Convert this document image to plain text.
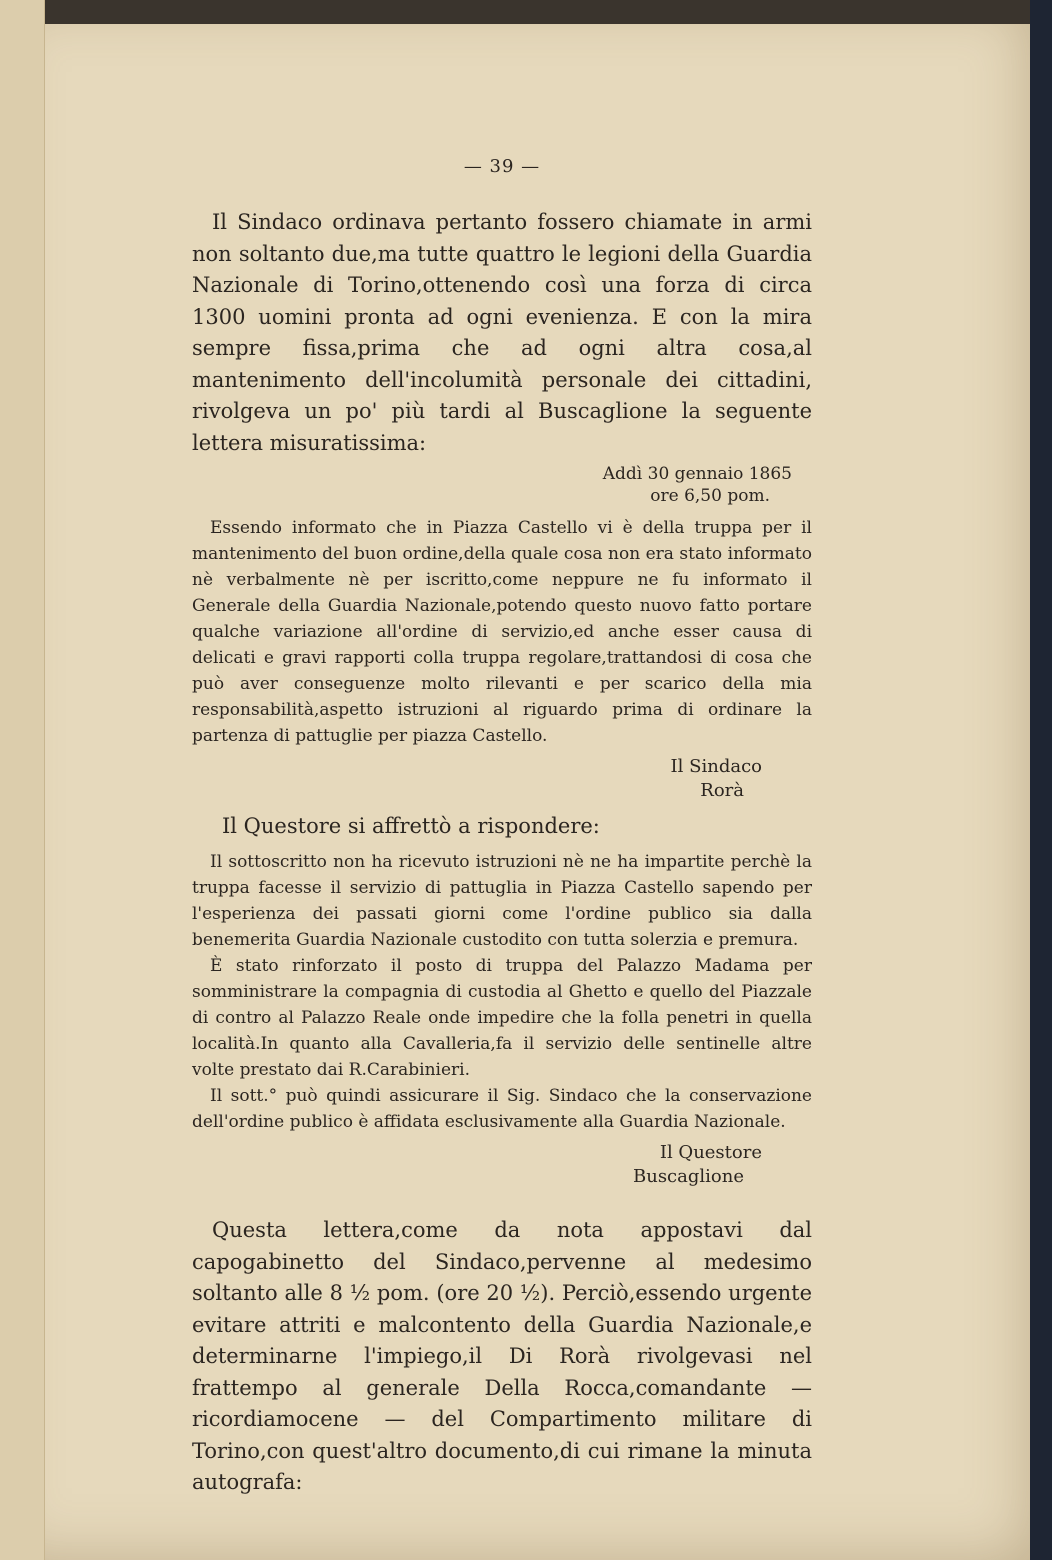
— 39 —

Il Sindaco ordinava pertanto fossero chiamate in armi non soltanto due,ma tutte quattro le legioni della Guardia Nazionale di Torino,ottenendo così una forza di circa 1300 uomini pronta ad ogni evenienza. E con la mira sempre fissa,prima che ad ogni altra cosa,al mantenimento dell'incolumità personale dei cittadini, rivolgeva un po' più tardi al Buscaglione la seguente lettera misuratissima:

Addì 30 gennaio 1865
ore 6,50 pom.

Essendo informato che in Piazza Castello vi è della truppa per il mantenimento del buon ordine,della quale cosa non era stato informato nè verbalmente nè per iscritto,come neppure ne fu informato il Generale della Guardia Nazionale,potendo questo nuovo fatto portare qualche variazione all'ordine di servizio,ed anche esser causa di delicati e gravi rapporti colla truppa regolare,trattandosi di cosa che può aver conseguenze molto rilevanti e per scarico della mia responsabilità,aspetto istruzioni al riguardo prima di ordinare la partenza di pattuglie per piazza Castello.

Il Sindaco
Rorà
Il Questore si affrettò a rispondere:

Il sottoscritto non ha ricevuto istruzioni nè ne ha impartite perchè la truppa facesse il servizio di pattuglia in Piazza Castello sapendo per l'esperienza dei passati giorni come l'ordine publico sia dalla benemerita Guardia Nazionale custodito con tutta solerzia e premura.

È stato rinforzato il posto di truppa del Palazzo Madama per somministrare la compagnia di custodia al Ghetto e quello del Piazzale di contro al Palazzo Reale onde impedire che la folla penetri in quella località.In quanto alla Cavalleria,fa il servizio delle sentinelle altre volte prestato dai R.Carabinieri.

Il sott.° può quindi assicurare il Sig. Sindaco che la conservazione dell'ordine publico è affidata esclusivamente alla Guardia Nazionale.

Il Questore
Buscaglione

Questa lettera,come da nota appostavi dal capogabinetto del Sindaco,pervenne al medesimo soltanto alle 8 ½ pom. (ore 20 ½). Perciò,essendo urgente evitare attriti e malcontento della Guardia Nazionale,e determinarne l'impiego,il Di Rorà rivolgevasi nel frattempo al generale Della Rocca,comandante — ricordiamocene — del Compartimento militare di Torino,con quest'altro documento,di cui rimane la minuta autografa:
